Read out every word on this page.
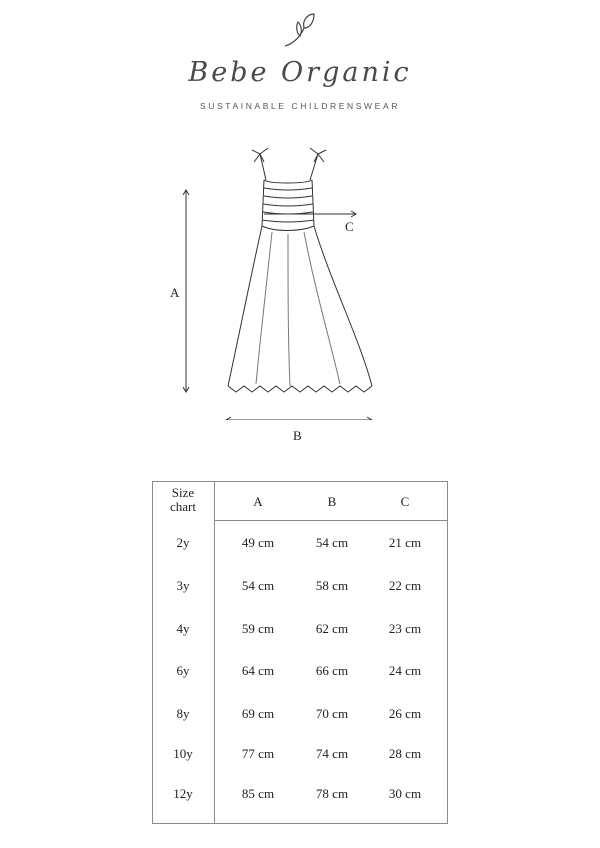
Bebe Organic
SUSTAINABLE CHILDRENSWEAR
A
B
C
Size
chart	A	B	C
2y	49 cm	54 cm	21 cm
3y	54 cm	58 cm	22 cm
4y	59 cm	62 cm	23 cm
6y	64 cm	66 cm	24 cm
8y	69 cm	70 cm	26 cm
10y	77 cm	74 cm	28 cm
12y	85 cm	78 cm	30 cm
